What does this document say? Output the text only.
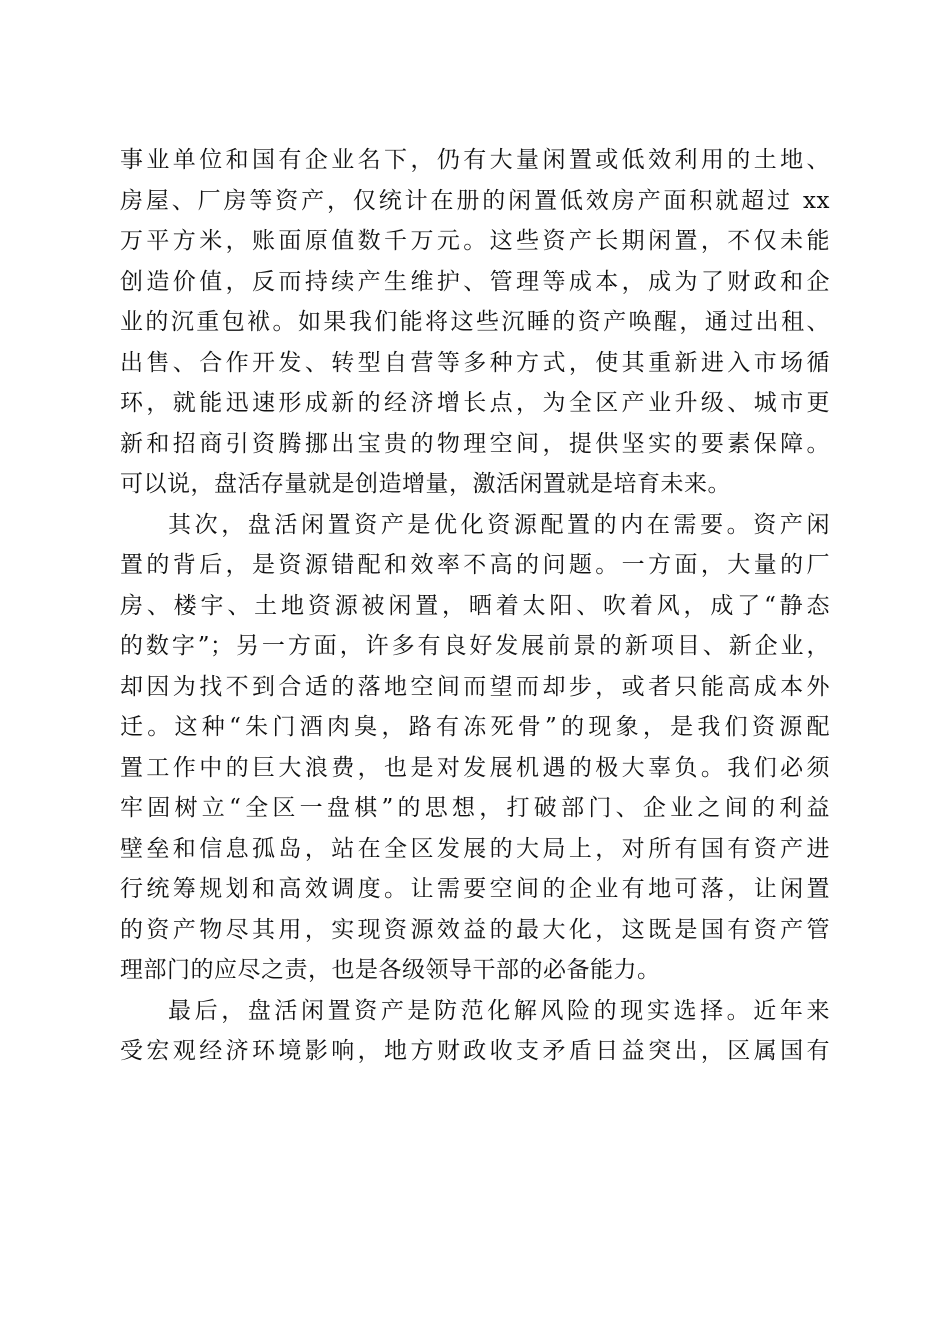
事业单位和国有企业名下，仍有大量闲置或低效利用的土地、
房屋、厂房等资产，仅统计在册的闲置低效房产面积就超过 xx
万平方米，账面原值数千万元。这些资产长期闲置，不仅未能
创造价值，反而持续产生维护、管理等成本，成为了财政和企
业的沉重包袱。如果我们能将这些沉睡的资产唤醒，通过出租、
出售、合作开发、转型自营等多种方式，使其重新进入市场循
环，就能迅速形成新的经济增长点，为全区产业升级、城市更
新和招商引资腾挪出宝贵的物理空间，提供坚实的要素保障。
可以说，盘活存量就是创造增量，激活闲置就是培育未来。
其次，盘活闲置资产是优化资源配置的内在需要。资产闲
置的背后，是资源错配和效率不高的问题。一方面，大量的厂
房、楼宇、土地资源被闲置，晒着太阳、吹着风，成了“静态
的数字”；另一方面，许多有良好发展前景的新项目、新企业，
却因为找不到合适的落地空间而望而却步，或者只能高成本外
迁。这种“朱门酒肉臭，路有冻死骨”的现象，是我们资源配
置工作中的巨大浪费，也是对发展机遇的极大辜负。我们必须
牢固树立“全区一盘棋”的思想，打破部门、企业之间的利益
壁垒和信息孤岛，站在全区发展的大局上，对所有国有资产进
行统筹规划和高效调度。让需要空间的企业有地可落，让闲置
的资产物尽其用，实现资源效益的最大化，这既是国有资产管
理部门的应尽之责，也是各级领导干部的必备能力。
最后，盘活闲置资产是防范化解风险的现实选择。近年来
受宏观经济环境影响，地方财政收支矛盾日益突出，区属国有
